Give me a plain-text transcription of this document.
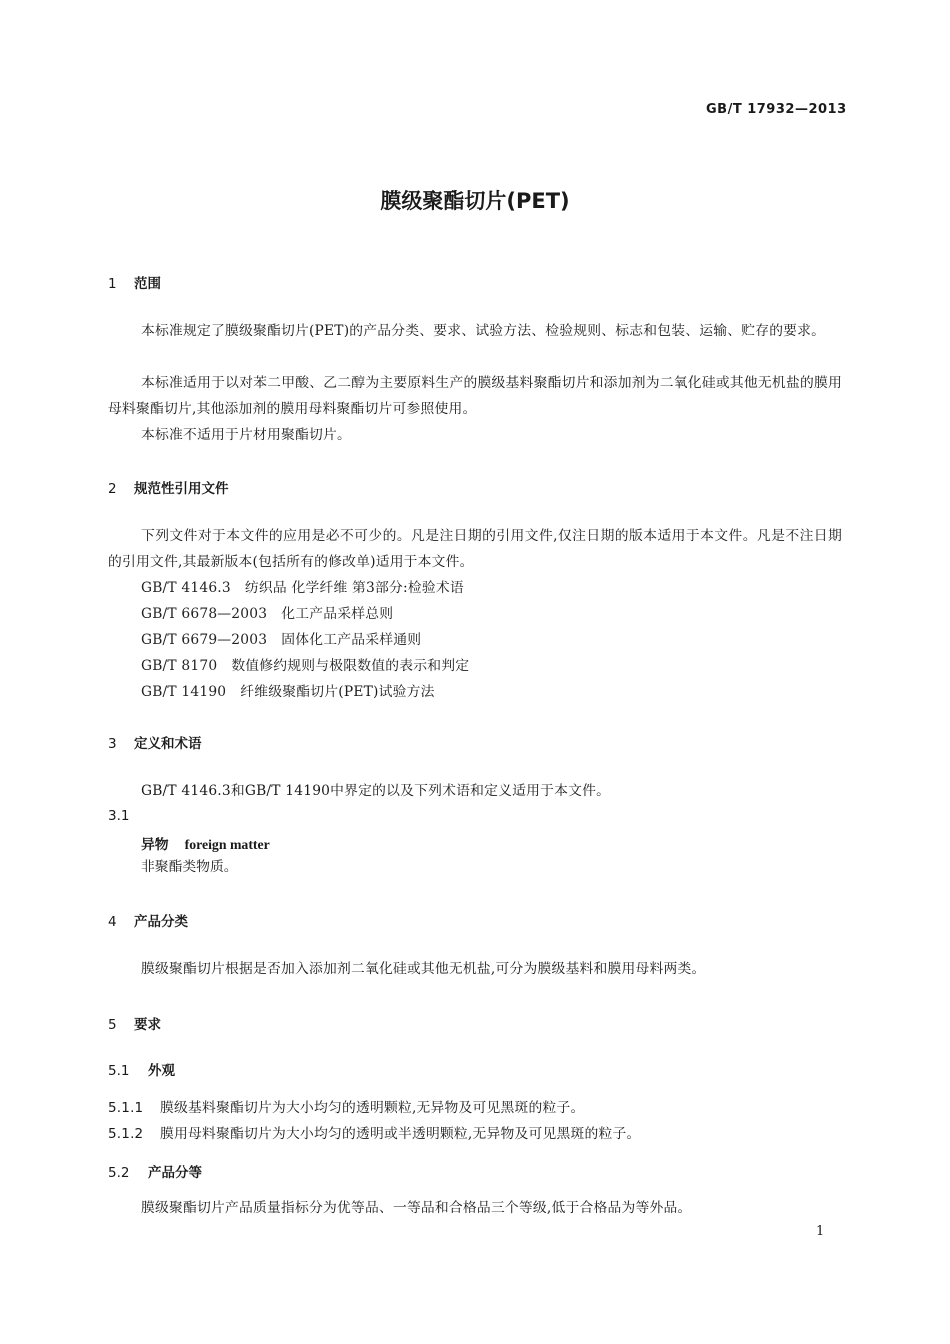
GB/T 17932—2013
膜级聚酯切片(PET)
1 范围
本标准规定了膜级聚酯切片(PET)的产品分类、要求、试验方法、检验规则、标志和包装、运输、贮存的要求。
本标准适用于以对苯二甲酸、乙二醇为主要原料生产的膜级基料聚酯切片和添加剂为二氧化硅或其他无机盐的膜用母料聚酯切片,其他添加剂的膜用母料聚酯切片可参照使用。
本标准不适用于片材用聚酯切片。
2 规范性引用文件
下列文件对于本文件的应用是必不可少的。凡是注日期的引用文件,仅注日期的版本适用于本文件。凡是不注日期的引用文件,其最新版本(包括所有的修改单)适用于本文件。
GB/T 4146.3 纺织品 化学纤维 第3部分:检验术语
GB/T 6678—2003 化工产品采样总则
GB/T 6679—2003 固体化工产品采样通则
GB/T 8170 数值修约规则与极限数值的表示和判定
GB/T 14190 纤维级聚酯切片(PET)试验方法
3 定义和术语
GB/T 4146.3和GB/T 14190中界定的以及下列术语和定义适用于本文件。
3.1
异物 foreign matter
非聚酯类物质。
4 产品分类
膜级聚酯切片根据是否加入添加剂二氧化硅或其他无机盐,可分为膜级基料和膜用母料两类。
5 要求
5.1 外观
5.1.1 膜级基料聚酯切片为大小均匀的透明颗粒,无异物及可见黑斑的粒子。
5.1.2 膜用母料聚酯切片为大小均匀的透明或半透明颗粒,无异物及可见黑斑的粒子。
5.2 产品分等
膜级聚酯切片产品质量指标分为优等品、一等品和合格品三个等级,低于合格品为等外品。
1
